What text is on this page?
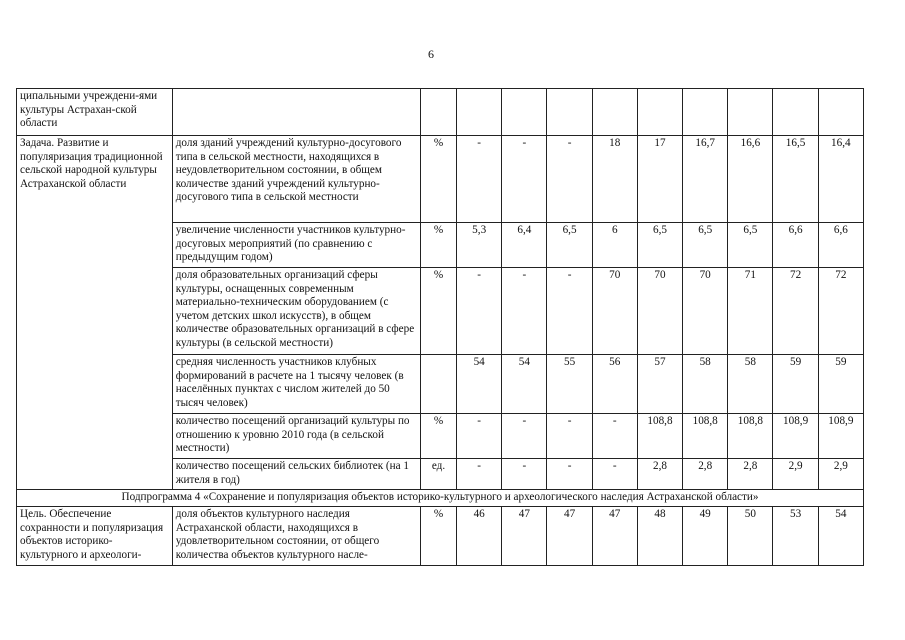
6
ципальными учреждени-ями культуры Астрахан-ской области											
Задача. Развитие и популяризация традиционной сельской народной культуры Астраханской области	доля зданий учреждений культурно-досугового типа в сельской местности, находящихся в неудовлетворительном состоянии, в общем количестве зданий учреждений культурно-досугового типа в сельской местности	%	-	-	-	18	17	16,7	16,6	16,5	16,4
	увеличение численности участников культурно-досуговых мероприятий (по сравнению с предыдущим годом)	%	5,3	6,4	6,5	6	6,5	6,5	6,5	6,6	6,6
	доля образовательных организаций сферы культуры, оснащенных современным материально-техническим оборудованием (с учетом детских школ искусств), в общем количестве образовательных организаций в сфере культуры (в сельской местности)	%	-	-	-	70	70	70	71	72	72
	средняя численность участников клубных формирований в расчете на 1 тысячу человек (в населённых пунктах с числом жителей до 50 тысяч человек)		54	54	55	56	57	58	58	59	59
	количество посещений организаций культуры по отношению к уровню 2010 года (в сельской местности)	%	-	-	-	-	108,8	108,8	108,8	108,9	108,9
	количество посещений сельских библиотек (на 1 жителя в год)	ед.	-	-	-	-	2,8	2,8	2,8	2,9	2,9
Подпрограмма 4 «Сохранение и популяризация объектов историко-культурного и археологического наследия Астраханской области»											
Цель. Обеспечение сохранности и популяризация объектов историко-культурного и археологи-	доля объектов культурного наследия Астраханской области, находящихся в удовлетворительном состоянии, от общего количества объектов культурного насле-	%	46	47	47	47	48	49	50	53	54
